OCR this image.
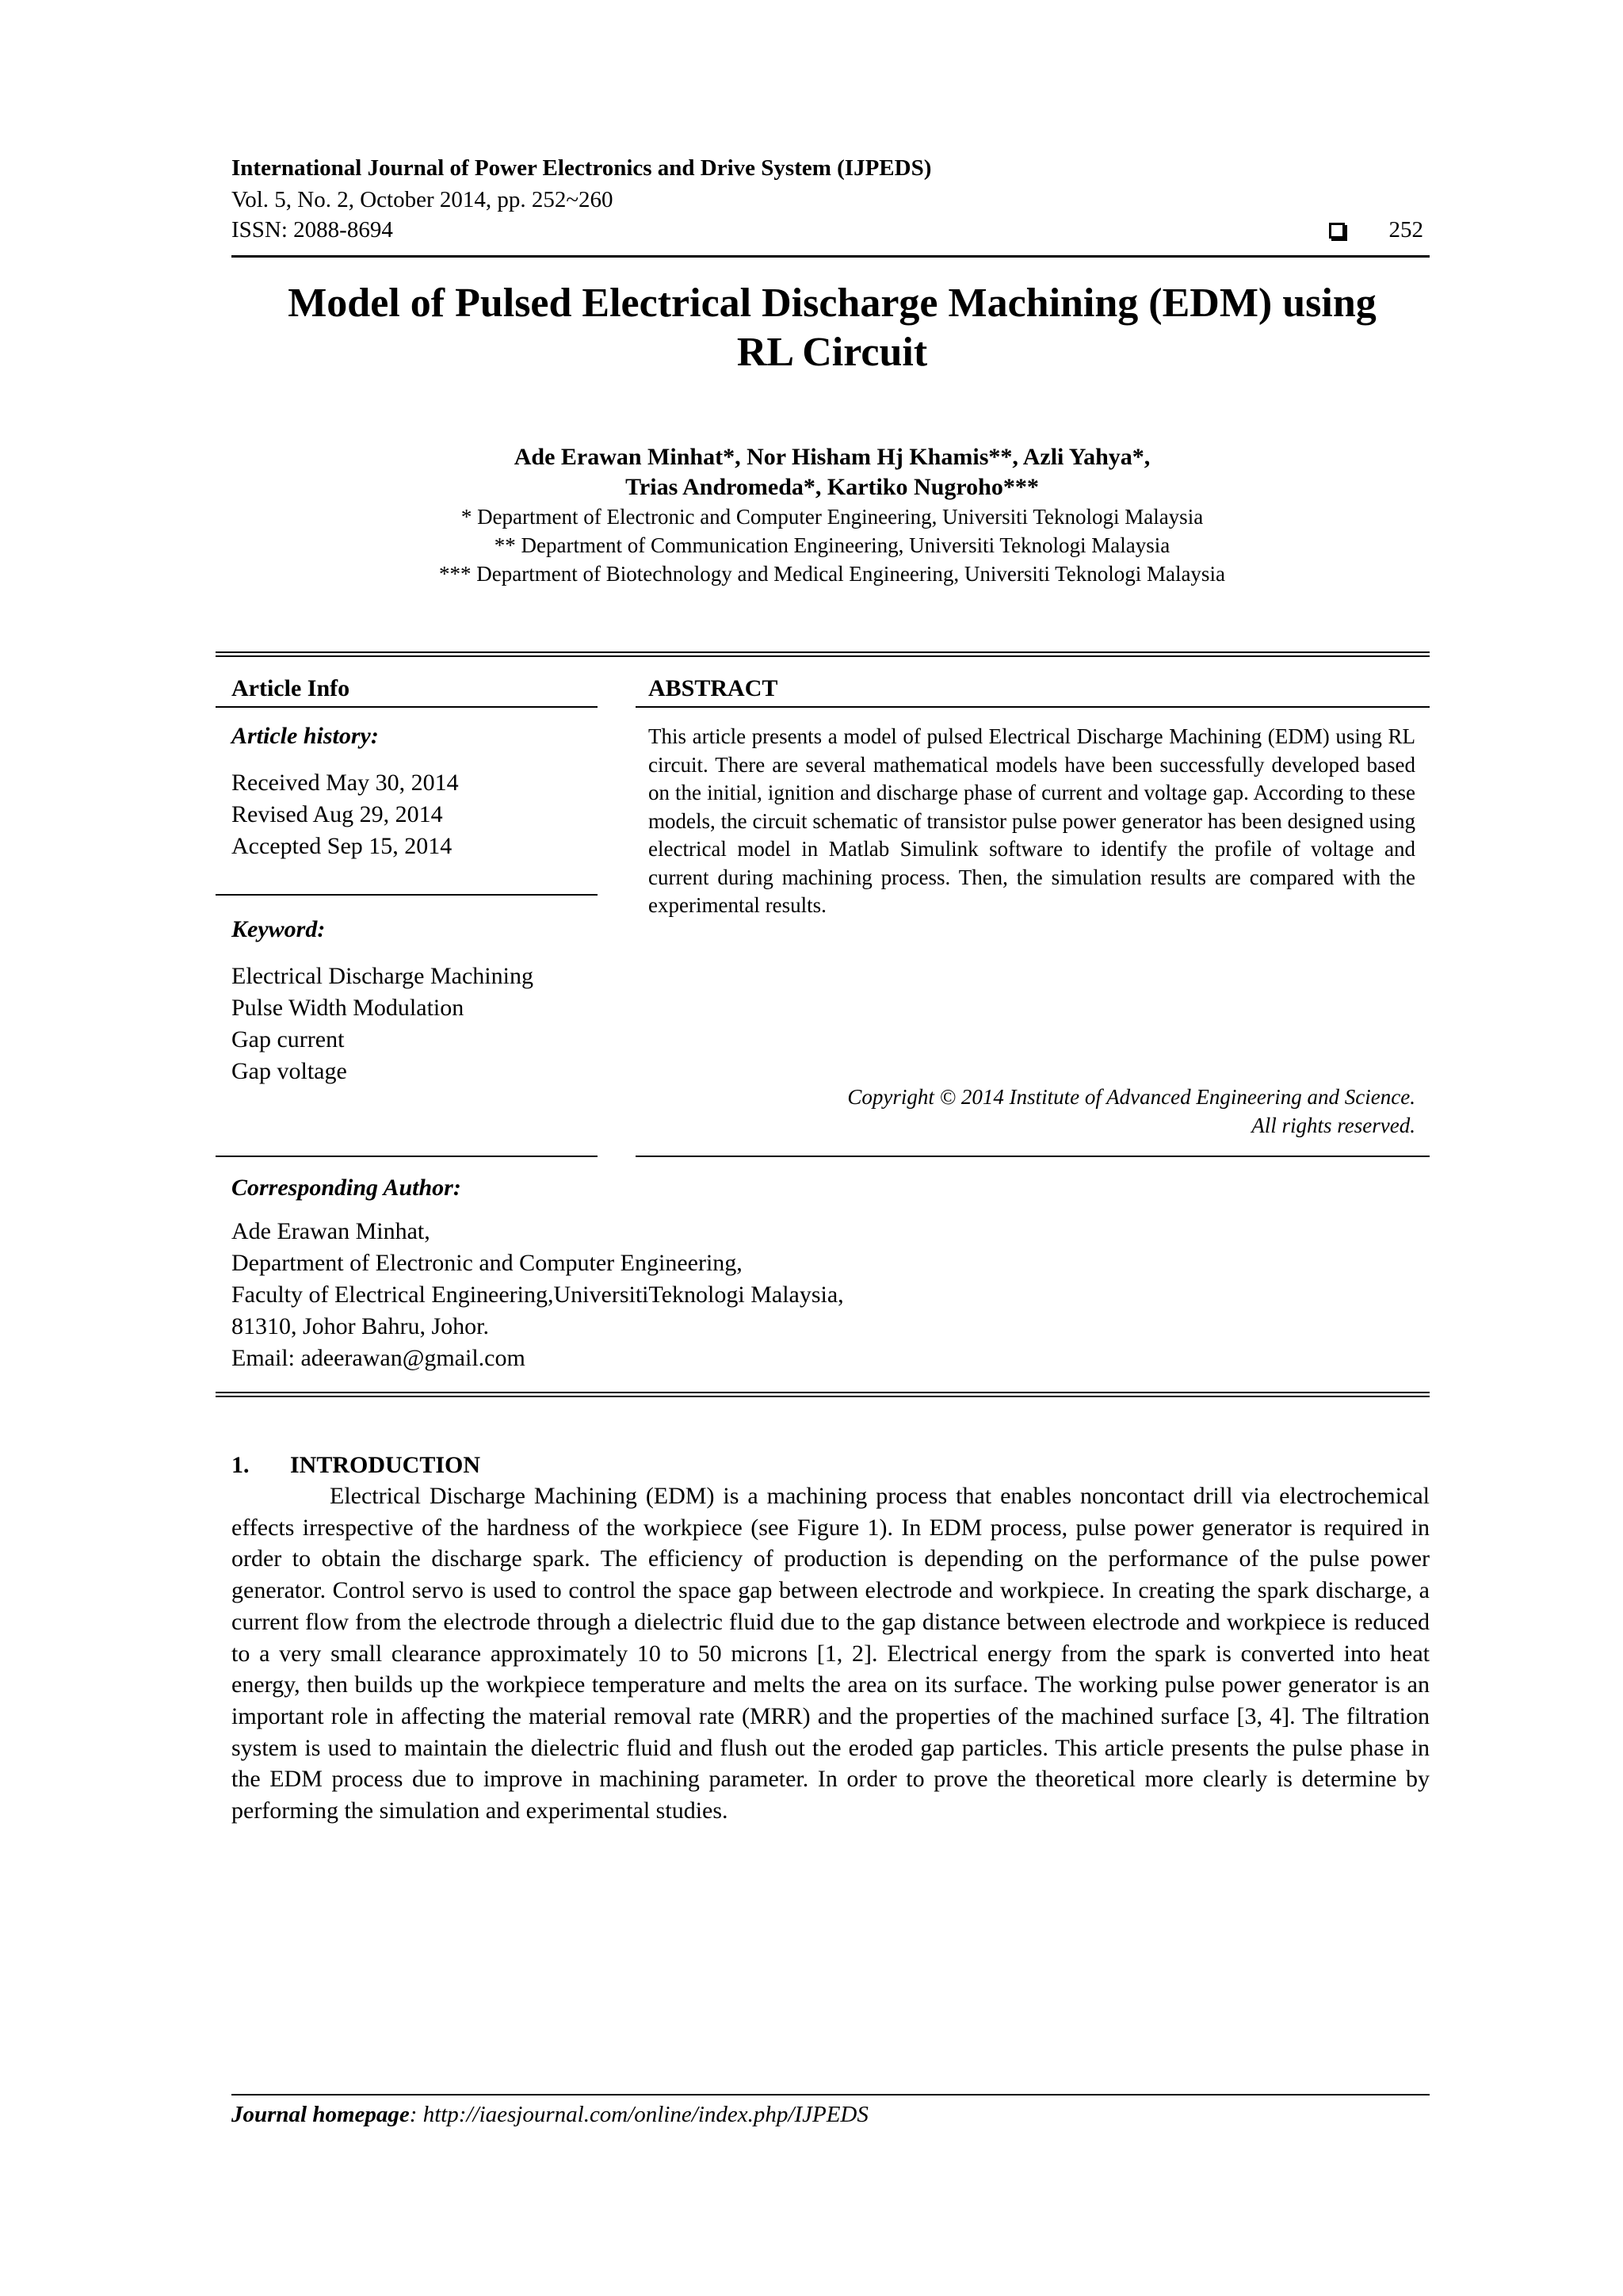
International Journal of Power Electronics and Drive System (IJPEDS)
Vol. 5, No. 2, October 2014, pp. 252~260
ISSN: 2088-8694	252
Model of Pulsed Electrical Discharge Machining (EDM) using
RL Circuit
Ade Erawan Minhat*, Nor Hisham Hj Khamis**, Azli Yahya*,
Trias Andromeda*, Kartiko Nugroho***
* Department of Electronic and Computer Engineering, Universiti Teknologi Malaysia
** Department of Communication Engineering, Universiti Teknologi Malaysia
*** Department of Biotechnology and Medical Engineering, Universiti Teknologi Malaysia
Article Info
Article history:
Received May 30, 2014
Revised Aug 29, 2014
Accepted Sep 15, 2014
Keyword:
Electrical Discharge Machining
Pulse Width Modulation
Gap current
Gap voltage
ABSTRACT
This article presents a model of pulsed Electrical Discharge Machining (EDM) using RL circuit. There are several mathematical models have been successfully developed based on the initial, ignition and discharge phase of current and voltage gap. According to these models, the circuit schematic of transistor pulse power generator has been designed using electrical model in Matlab Simulink software to identify the profile of voltage and current during machining process. Then, the simulation results are compared with the experimental results.
Copyright © 2014 Institute of Advanced Engineering and Science.
All rights reserved.
Corresponding Author:
Ade Erawan Minhat,
Department of Electronic and Computer Engineering,
Faculty of Electrical Engineering,UniversitiTeknologi Malaysia,
81310, Johor Bahru, Johor.
Email: adeerawan@gmail.com
1. INTRODUCTION
Electrical Discharge Machining (EDM) is a machining process that enables noncontact drill via electrochemical effects irrespective of the hardness of the workpiece (see Figure 1). In EDM process, pulse power generator is required in order to obtain the discharge spark. The efficiency of production is depending on the performance of the pulse power generator. Control servo is used to control the space gap between electrode and workpiece. In creating the spark discharge, a current flow from the electrode through a dielectric fluid due to the gap distance between electrode and workpiece is reduced to a very small clearance approximately 10 to 50 microns [1, 2]. Electrical energy from the spark is converted into heat energy, then builds up the workpiece temperature and melts the area on its surface. The working pulse power generator is an important role in affecting the material removal rate (MRR) and the properties of the machined surface [3, 4]. The filtration system is used to maintain the dielectric fluid and flush out the eroded gap particles. This article presents the pulse phase in the EDM process due to improve in machining parameter. In order to prove the theoretical more clearly is determine by performing the simulation and experimental studies.
Journal homepage: http://iaesjournal.com/online/index.php/IJPEDS
